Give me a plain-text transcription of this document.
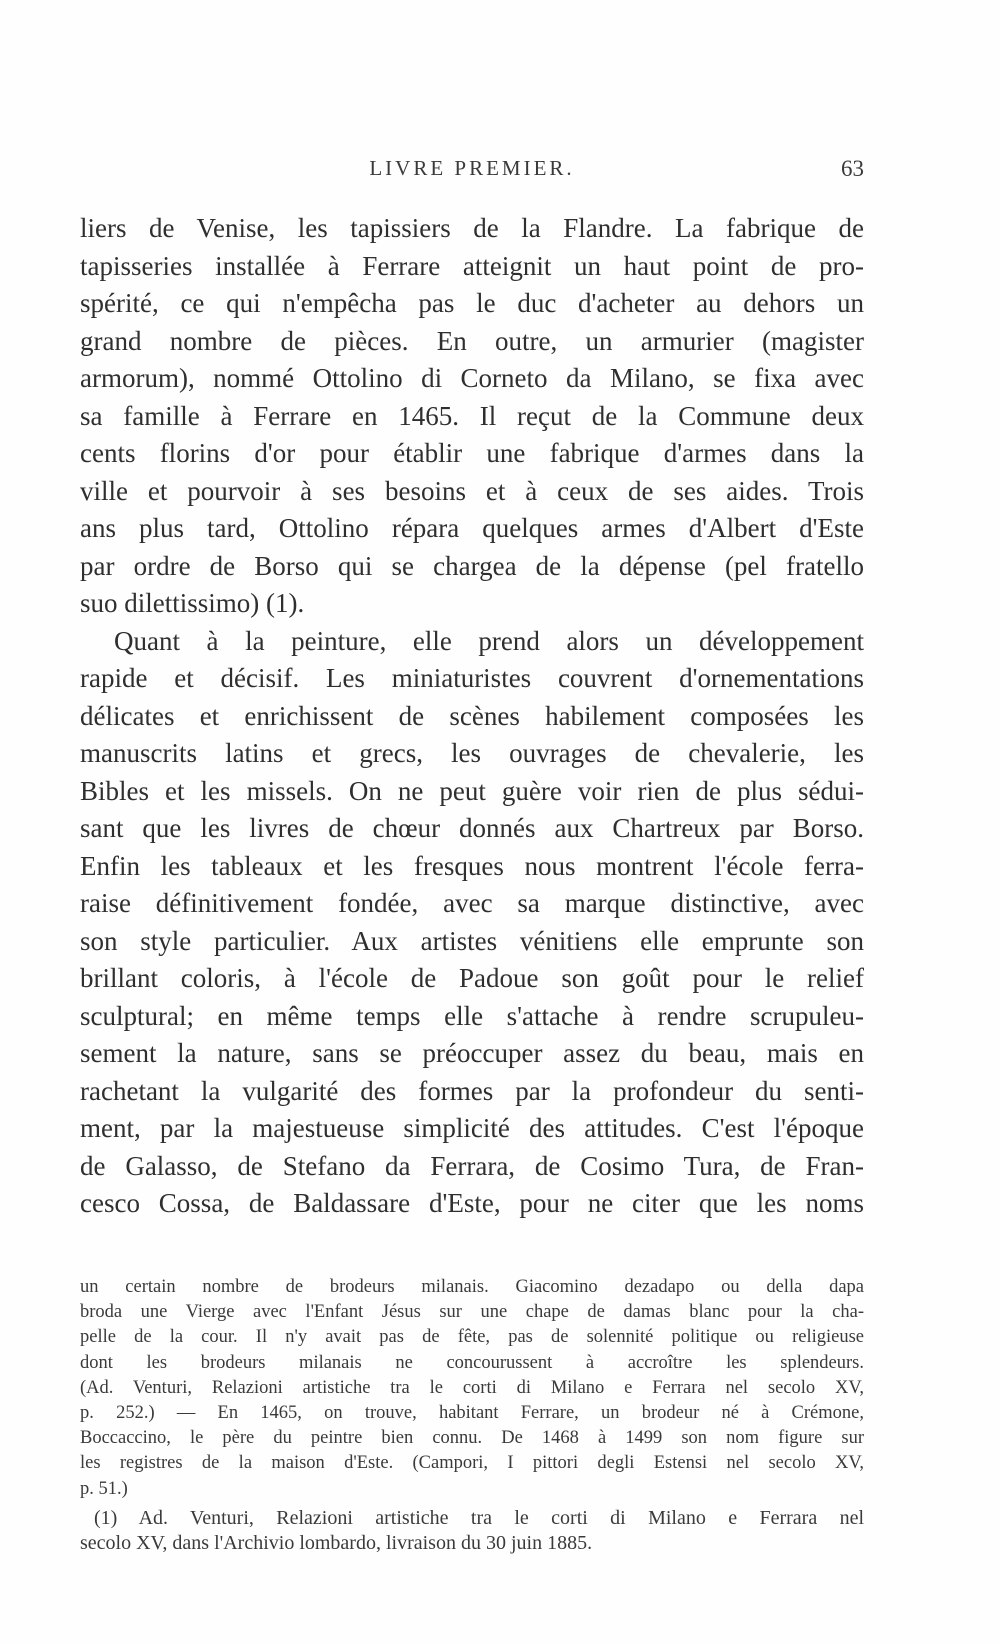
LIVRE PREMIER.	63
liers de Venise, les tapissiers de la Flandre. La fabrique de
tapisseries installée à Ferrare atteignit un haut point de pro-
spérité, ce qui n'empêcha pas le duc d'acheter au dehors un
grand nombre de pièces. En outre, un armurier (magister
armorum), nommé Ottolino di Corneto da Milano, se fixa avec
sa famille à Ferrare en 1465. Il reçut de la Commune deux
cents florins d'or pour établir une fabrique d'armes dans la
ville et pourvoir à ses besoins et à ceux de ses aides. Trois
ans plus tard, Ottolino répara quelques armes d'Albert d'Este
par ordre de Borso qui se chargea de la dépense (pel fratello
suo dilettissimo) (1).
Quant à la peinture, elle prend alors un développement
rapide et décisif. Les miniaturistes couvrent d'ornementations
délicates et enrichissent de scènes habilement composées les
manuscrits latins et grecs, les ouvrages de chevalerie, les
Bibles et les missels. On ne peut guère voir rien de plus sédui-
sant que les livres de chœur donnés aux Chartreux par Borso.
Enfin les tableaux et les fresques nous montrent l'école ferra-
raise définitivement fondée, avec sa marque distinctive, avec
son style particulier. Aux artistes vénitiens elle emprunte son
brillant coloris, à l'école de Padoue son goût pour le relief
sculptural; en même temps elle s'attache à rendre scrupuleu-
sement la nature, sans se préoccuper assez du beau, mais en
rachetant la vulgarité des formes par la profondeur du senti-
ment, par la majestueuse simplicité des attitudes. C'est l'époque
de Galasso, de Stefano da Ferrara, de Cosimo Tura, de Fran-
cesco Cossa, de Baldassare d'Este, pour ne citer que les noms
un certain nombre de brodeurs milanais. Giacomino dezadapo ou della dapa
broda une Vierge avec l'Enfant Jésus sur une chape de damas blanc pour la cha-
pelle de la cour. Il n'y avait pas de fête, pas de solennité politique ou religieuse
dont les brodeurs milanais ne concourussent à accroître les splendeurs.
(Ad. Venturi, Relazioni artistiche tra le corti di Milano e Ferrara nel secolo XV,
p. 252.) — En 1465, on trouve, habitant Ferrare, un brodeur né à Crémone,
Boccaccino, le père du peintre bien connu. De 1468 à 1499 son nom figure sur
les registres de la maison d'Este. (Campori, I pittori degli Estensi nel secolo XV,
p. 51.)
(1) Ad. Venturi, Relazioni artistiche tra le corti di Milano e Ferrara nel
secolo XV, dans l'Archivio lombardo, livraison du 30 juin 1885.
